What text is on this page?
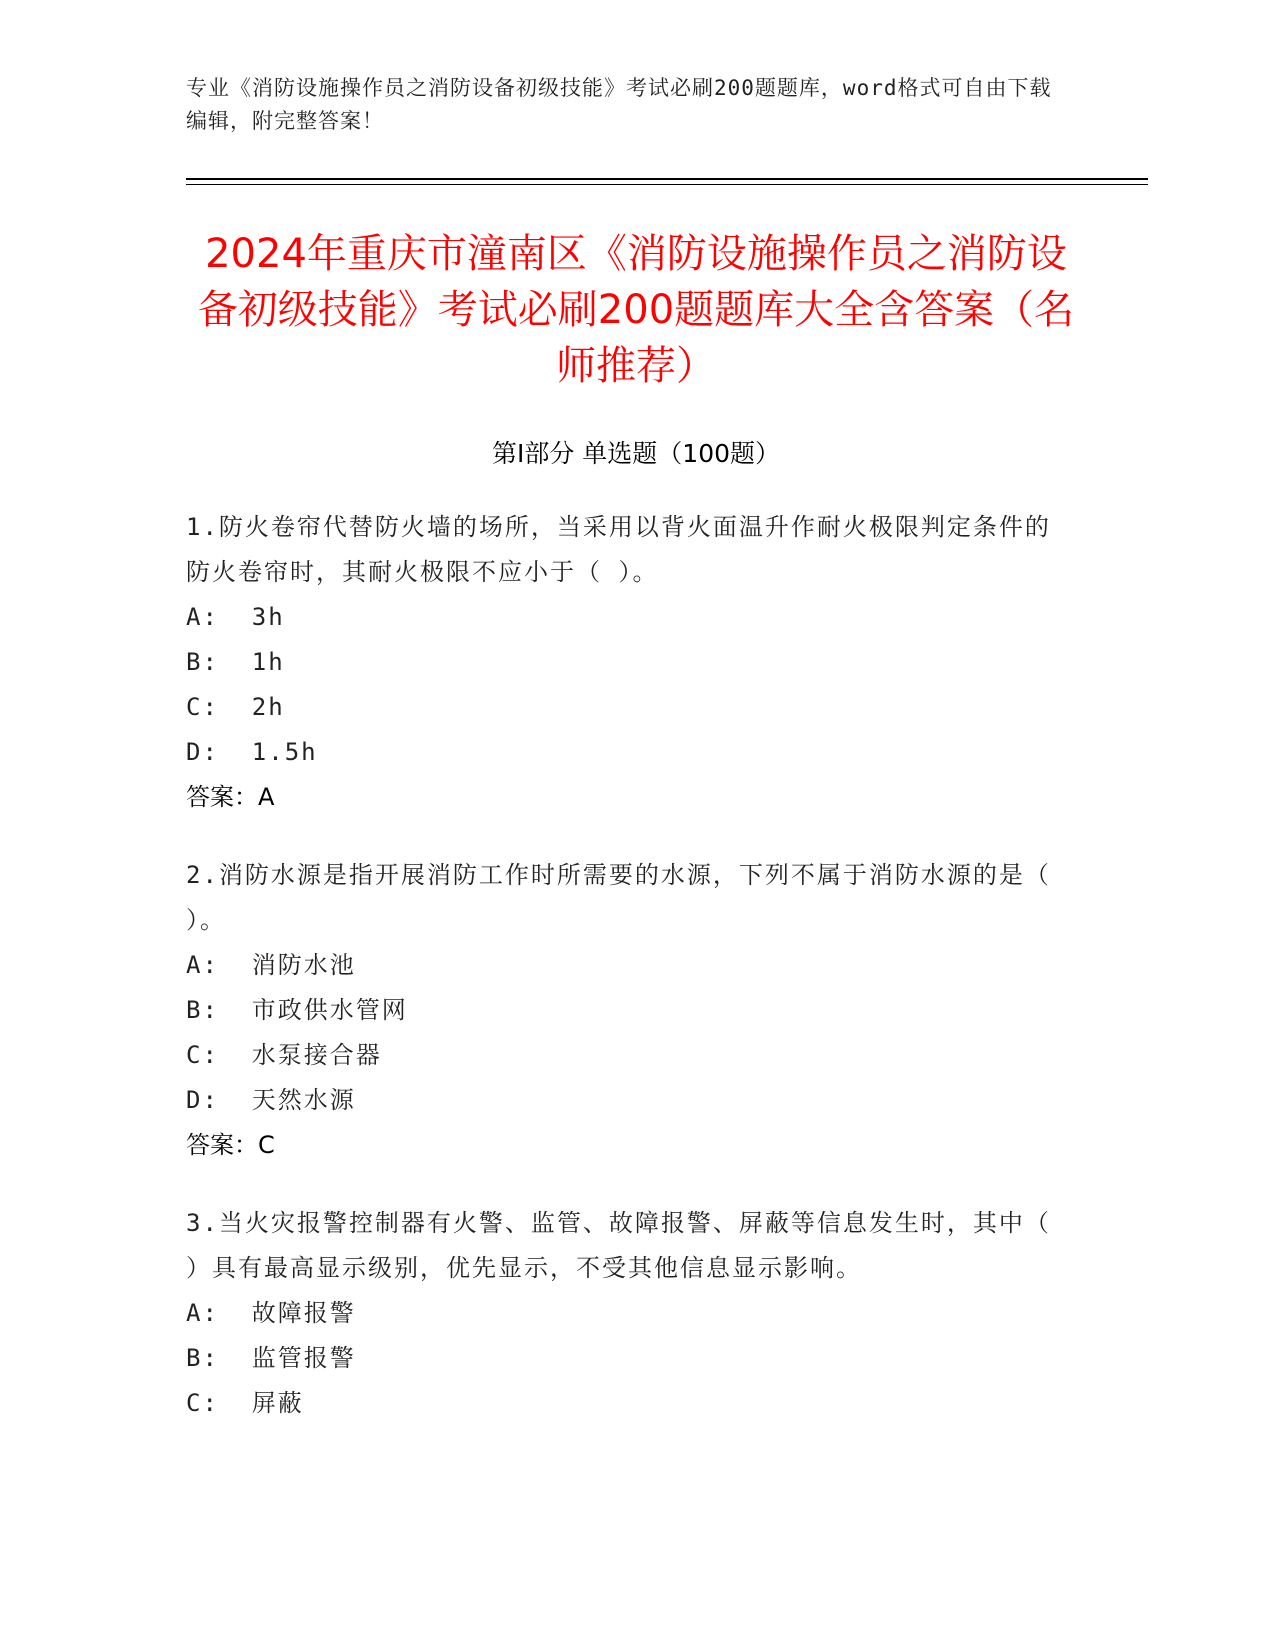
专业《消防设施操作员之消防设备初级技能》考试必刷200题题库，word格式可自由下载编辑，附完整答案！
2024年重庆市潼南区《消防设施操作员之消防设备初级技能》考试必刷200题题库大全含答案（名师推荐）
第I部分 单选题（100题）

1.防火卷帘代替防火墙的场所，当采用以背火面温升作耐火极限判定条件的防火卷帘时，其耐火极限不应小于（ ）。

A:  3h

B:  1h

C:  2h

D:  1.5h

答案：A

2.消防水源是指开展消防工作时所需要的水源，下列不属于消防水源的是（ ）。

A:  消防水池

B:  市政供水管网

C:  水泵接合器

D:  天然水源

答案：C

3.当火灾报警控制器有火警、监管、故障报警、屏蔽等信息发生时，其中（ ）具有最高显示级别，优先显示，不受其他信息显示影响。

A:  故障报警

B:  监管报警

C:  屏蔽
